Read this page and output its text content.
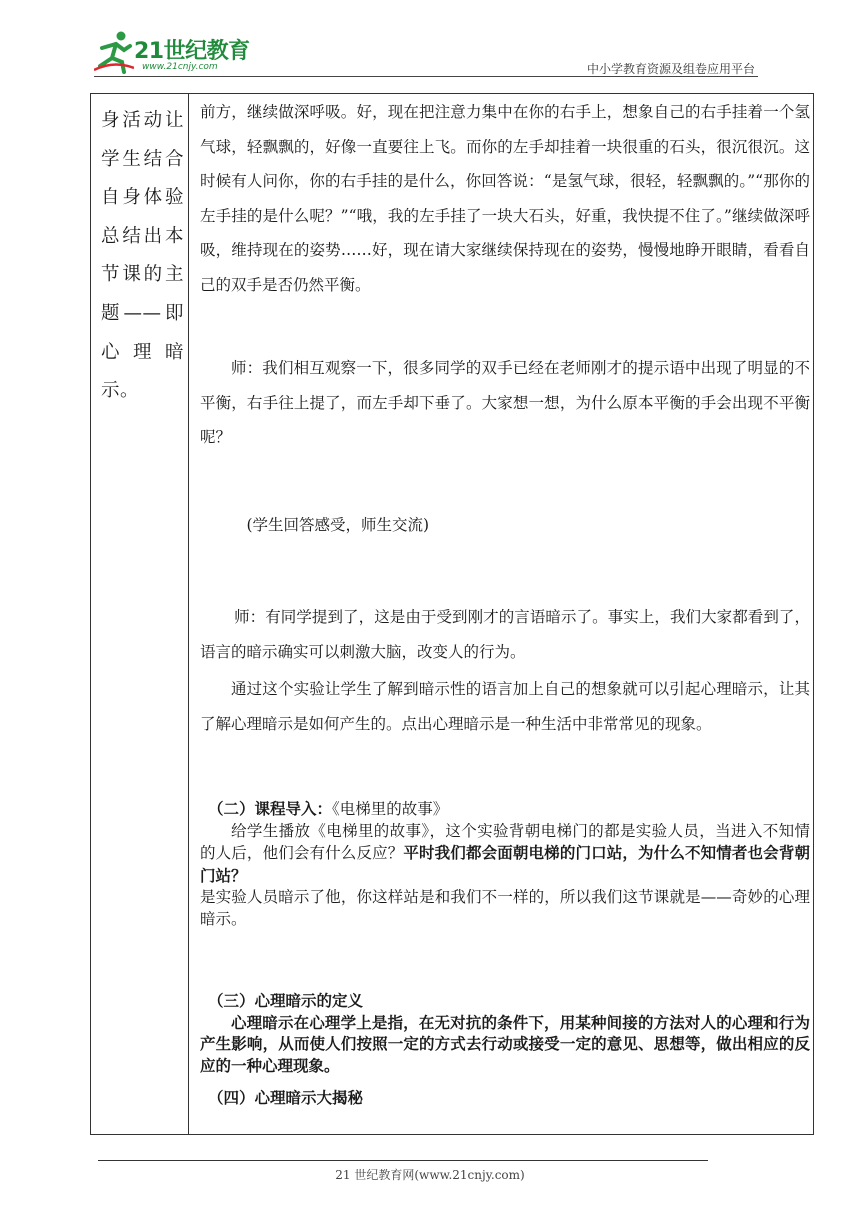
21世纪教育
www.21cnjy.com	中小学教育资源及组卷应用平台
身活动让
学生结合
自身体验
总结出本
节课的主
题——即
心 理 暗
示。
前方，继续做深呼吸。好，现在把注意力集中在你的右手上，想象自己的右手挂着一个氢气球，轻飘飘的，好像一直要往上飞。而你的左手却挂着一块很重的石头，很沉很沉。这时候有人问你，你的右手挂的是什么，你回答说：“是氢气球，很轻，轻飘飘的。”“那你的左手挂的是什么呢？”“哦，我的左手挂了一块大石头，好重，我快提不住了。”继续做深呼吸，维持现在的姿势……好，现在请大家继续保持现在的姿势，慢慢地睁开眼睛，看看自己的双手是否仍然平衡。
师：我们相互观察一下，很多同学的双手已经在老师刚才的提示语中出现了明显的不平衡，右手往上提了，而左手却下垂了。大家想一想，为什么原本平衡的手会出现不平衡呢？
(学生回答感受，师生交流)
师：有同学提到了，这是由于受到刚才的言语暗示了。事实上，我们大家都看到了，语言的暗示确实可以刺激大脑，改变人的行为。
通过这个实验让学生了解到暗示性的语言加上自己的想象就可以引起心理暗示，让其了解心理暗示是如何产生的。点出心理暗示是一种生活中非常常见的现象。
（二）课程导入：《电梯里的故事》
给学生播放《电梯里的故事》，这个实验背朝电梯门的都是实验人员，当进入不知情的人后，他们会有什么反应？平时我们都会面朝电梯的门口站，为什么不知情者也会背朝门站？
是实验人员暗示了他，你这样站是和我们不一样的，所以我们这节课就是——奇妙的心理暗示。
（三）心理暗示的定义
心理暗示在心理学上是指，在无对抗的条件下，用某种间接的方法对人的心理和行为产生影响，从而使人们按照一定的方式去行动或接受一定的意见、思想等，做出相应的反应的一种心理现象。
（四）心理暗示大揭秘
21 世纪教育网(www.21cnjy.com)
